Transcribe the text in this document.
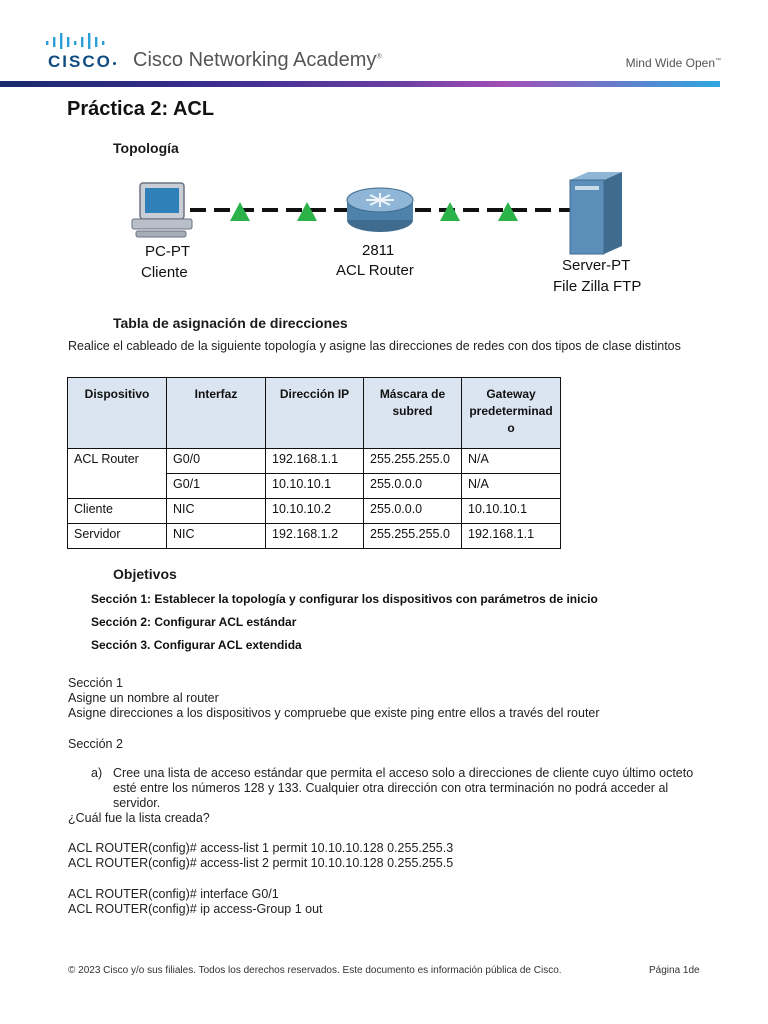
CISCO Cisco Networking Academy®	Mind Wide Open™
Práctica 2: ACL
Topología
PC-PT
Cliente
2811
ACL Router	Server-PT
File Zilla FTP
Tabla de asignación de direcciones
Realice el cableado de la siguiente topología y asigne las direcciones de redes con dos tipos de clase distintos
Dispositivo	Interfaz	Dirección IP	Máscara de subred	Gateway predeterminad o
ACL Router	G0/0	192.168.1.1	255.255.255.0	N/A
	G0/1	10.10.10.1	255.0.0.0	N/A
Cliente	NIC	10.10.10.2	255.0.0.0	10.10.10.1
Servidor	NIC	192.168.1.2	255.255.255.0	192.168.1.1
Objetivos
Sección 1: Establecer la topología y configurar los dispositivos con parámetros de inicio
Sección 2: Configurar ACL estándar
Sección 3. Configurar ACL extendida
Sección 1
Asigne un nombre al router
Asigne direcciones a los dispositivos y compruebe que existe ping entre ellos a través del router
Sección 2
a) Cree una lista de acceso estándar que permita el acceso solo a direcciones de cliente cuyo último octeto esté entre los números 128 y 133. Cualquier otra dirección con otra terminación no podrá acceder al servidor.
¿Cuál fue la lista creada?
ACL ROUTER(config)# access-list 1 permit 10.10.10.128 0.255.255.3
ACL ROUTER(config)# access-list 2 permit 10.10.10.128 0.255.255.5
ACL ROUTER(config)# interface G0/1
ACL ROUTER(config)# ip access-Group 1 out
© 2023 Cisco y/o sus filiales. Todos los derechos reservados. Este documento es información pública de Cisco.	Página 1de
